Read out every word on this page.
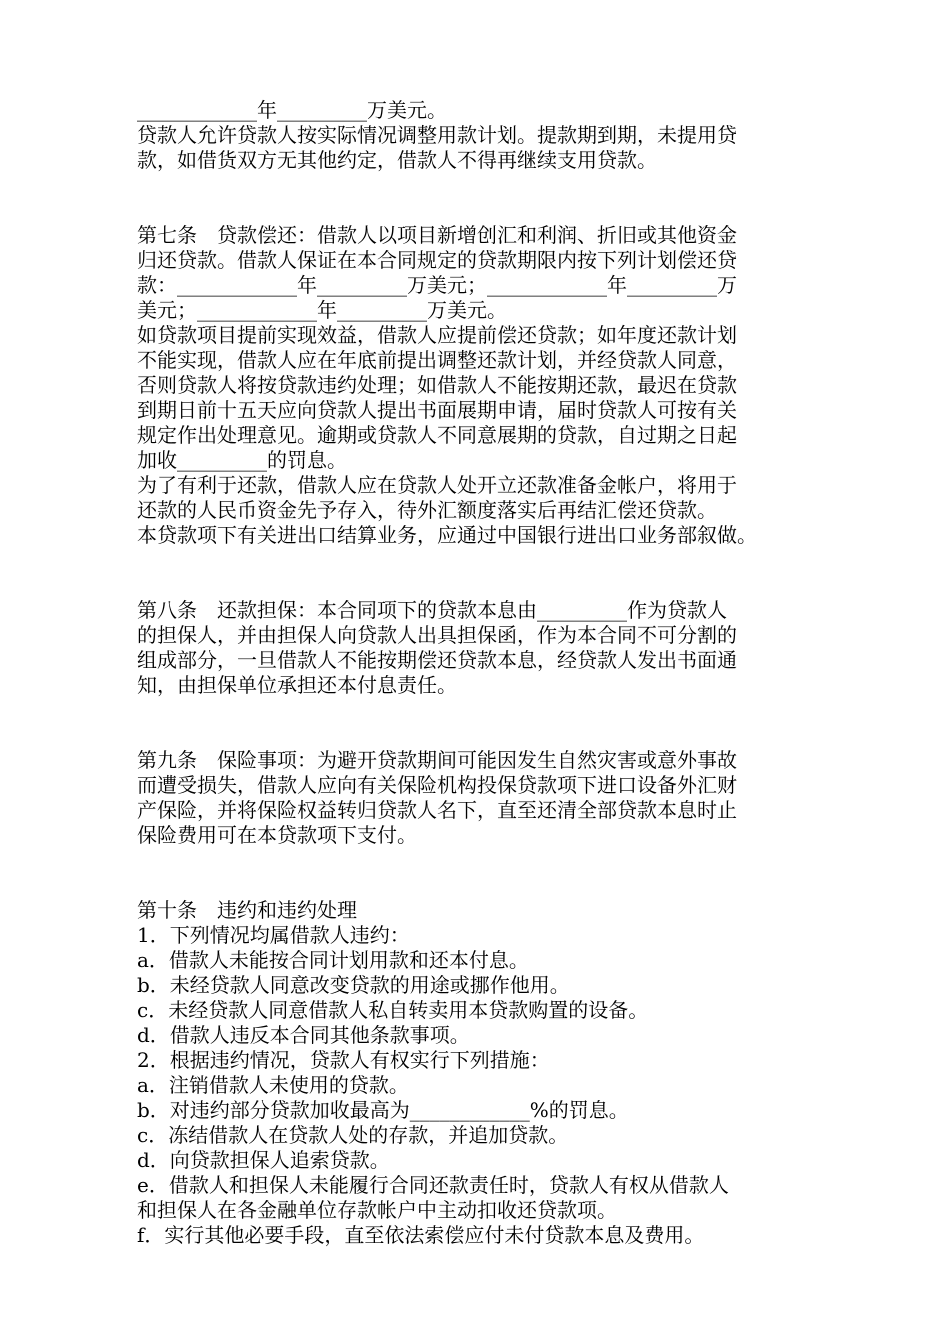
____________年_________万美元。
贷款人允许贷款人按实际情况调整用款计划。提款期到期，未提用贷
款，如借货双方无其他约定，借款人不得再继续支用贷款。
第七条　贷款偿还：借款人以项目新增创汇和利润、折旧或其他资金
归还贷款。借款人保证在本合同规定的贷款期限内按下列计划偿还贷
款：____________年_________万美元；____________年_________万
美元；____________年_________万美元。
如贷款项目提前实现效益，借款人应提前偿还贷款；如年度还款计划
不能实现，借款人应在年底前提出调整还款计划，并经贷款人同意，
否则贷款人将按贷款违约处理；如借款人不能按期还款，最迟在贷款
到期日前十五天应向贷款人提出书面展期申请，届时贷款人可按有关
规定作出处理意见。逾期或贷款人不同意展期的贷款，自过期之日起
加收_________的罚息。
为了有利于还款，借款人应在贷款人处开立还款准备金帐户，将用于
还款的人民币资金先予存入，待外汇额度落实后再结汇偿还贷款。
本贷款项下有关进出口结算业务，应通过中国银行进出口业务部叙做。
第八条　还款担保：本合同项下的贷款本息由_________作为贷款人
的担保人，并由担保人向贷款人出具担保函，作为本合同不可分割的
组成部分，一旦借款人不能按期偿还贷款本息，经贷款人发出书面通
知，由担保单位承担还本付息责任。
第九条　保险事项：为避开贷款期间可能因发生自然灾害或意外事故
而遭受损失，借款人应向有关保险机构投保贷款项下进口设备外汇财
产保险，并将保险权益转归贷款人名下，直至还清全部贷款本息时止
保险费用可在本贷款项下支付。
第十条　违约和违约处理
1．下列情况均属借款人违约：
a．借款人未能按合同计划用款和还本付息。
b．未经贷款人同意改变贷款的用途或挪作他用。
c．未经贷款人同意借款人私自转卖用本贷款购置的设备。
d．借款人违反本合同其他条款事项。
2．根据违约情况，贷款人有权实行下列措施：
a．注销借款人未使用的贷款。
b．对违约部分贷款加收最高为____________%的罚息。
c．冻结借款人在贷款人处的存款，并追加贷款。
d．向贷款担保人追索贷款。
e．借款人和担保人未能履行合同还款责任时，贷款人有权从借款人
和担保人在各金融单位存款帐户中主动扣收还贷款项。
f．实行其他必要手段，直至依法索偿应付未付贷款本息及费用。
